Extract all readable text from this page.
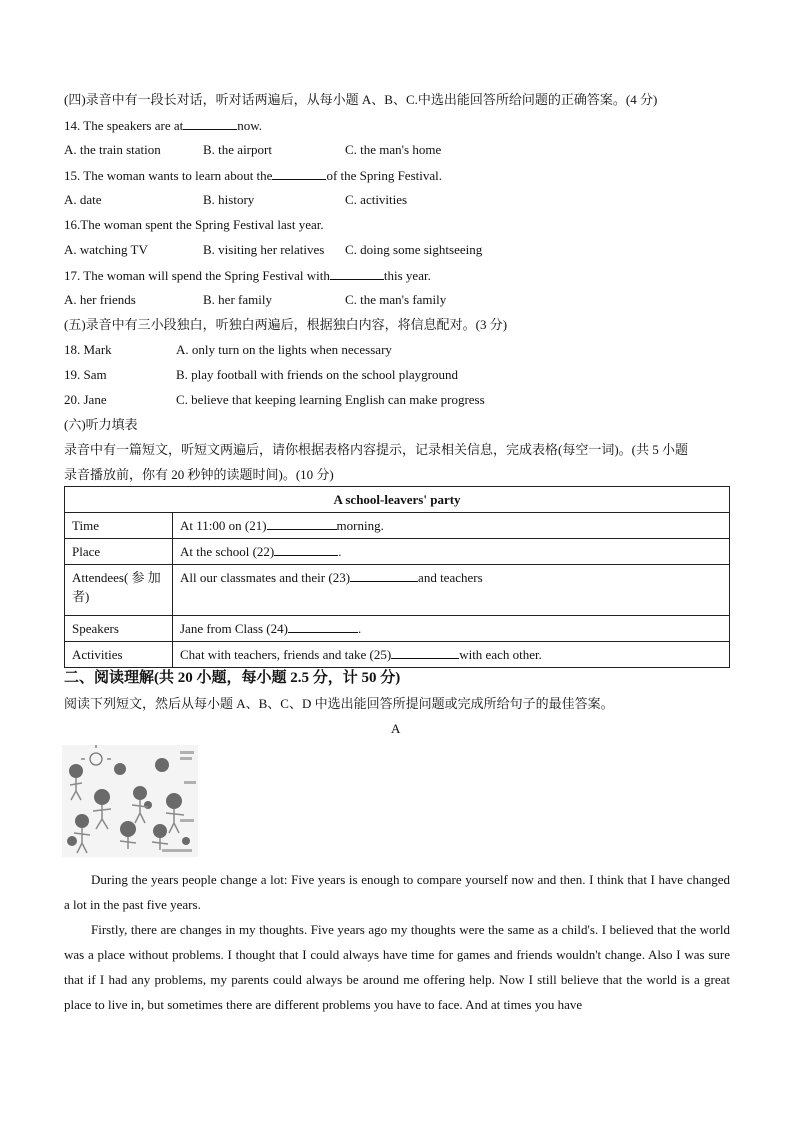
(四)录音中有一段长对话，听对话两遍后，从每小题 A、B、C.中选出能回答所给问题的正确答案。(4 分)
14. The speakers are at	now.
A. the train station	B. the airport	C. the man's home
15. The woman wants to learn about the	of the Spring Festival.
A. date	B. history	C. activities
16.The woman spent the Spring Festival last year.
A. watching TV	B. visiting her relatives C. doing some sightseeing
17. The woman will spend the Spring Festival with	this year.
A. her friends	B. her family	C. the man's family
(五)录音中有三小段独白，听独白两遍后，根据独白内容，将信息配对。(3 分)
18. Mark	A. only turn on the lights when necessary
19. Sam	B. play football with friends on the school playground
20. Jane	C. believe that keeping learning English can make progress
(六)听力填表
录音中有一篇短文，听短文两遍后，请你根据表格内容提示，记录相关信息，完成表格(每空一词)。(共 5 小题
录音播放前，你有 20 秒钟的读题时间)。(10 分)
A school-leavers' party	
Time	At 11:00 on (21) morning.
Place	At the school (22) .
Attendees( 参 加 者)	All our classmates and their (23) and teachers
Speakers	Jane from Class (24) .
Activities	Chat with teachers, friends and take (25) with each other.
二、阅读理解(共 20 小题，每小题 2.5 分，计 50 分)
阅读下列短文，然后从每小题 A、B、C、D 中选出能回答所提问题或完成所给句子的最佳答案。
A
During the years people change a lot: Five years is enough to compare yourself now and then. I think that I have changed a lot in the past five years.
Firstly, there are changes in my thoughts. Five years ago my thoughts were the same as a child's. I believed that the world was a place without problems. I thought that I could always have time for games and friends wouldn't change. Also I was sure that if I had any problems, my parents could always be around me offering help. Now I still believe that the world is a great place to live in, but sometimes there are different problems you have to face. And at times you have
